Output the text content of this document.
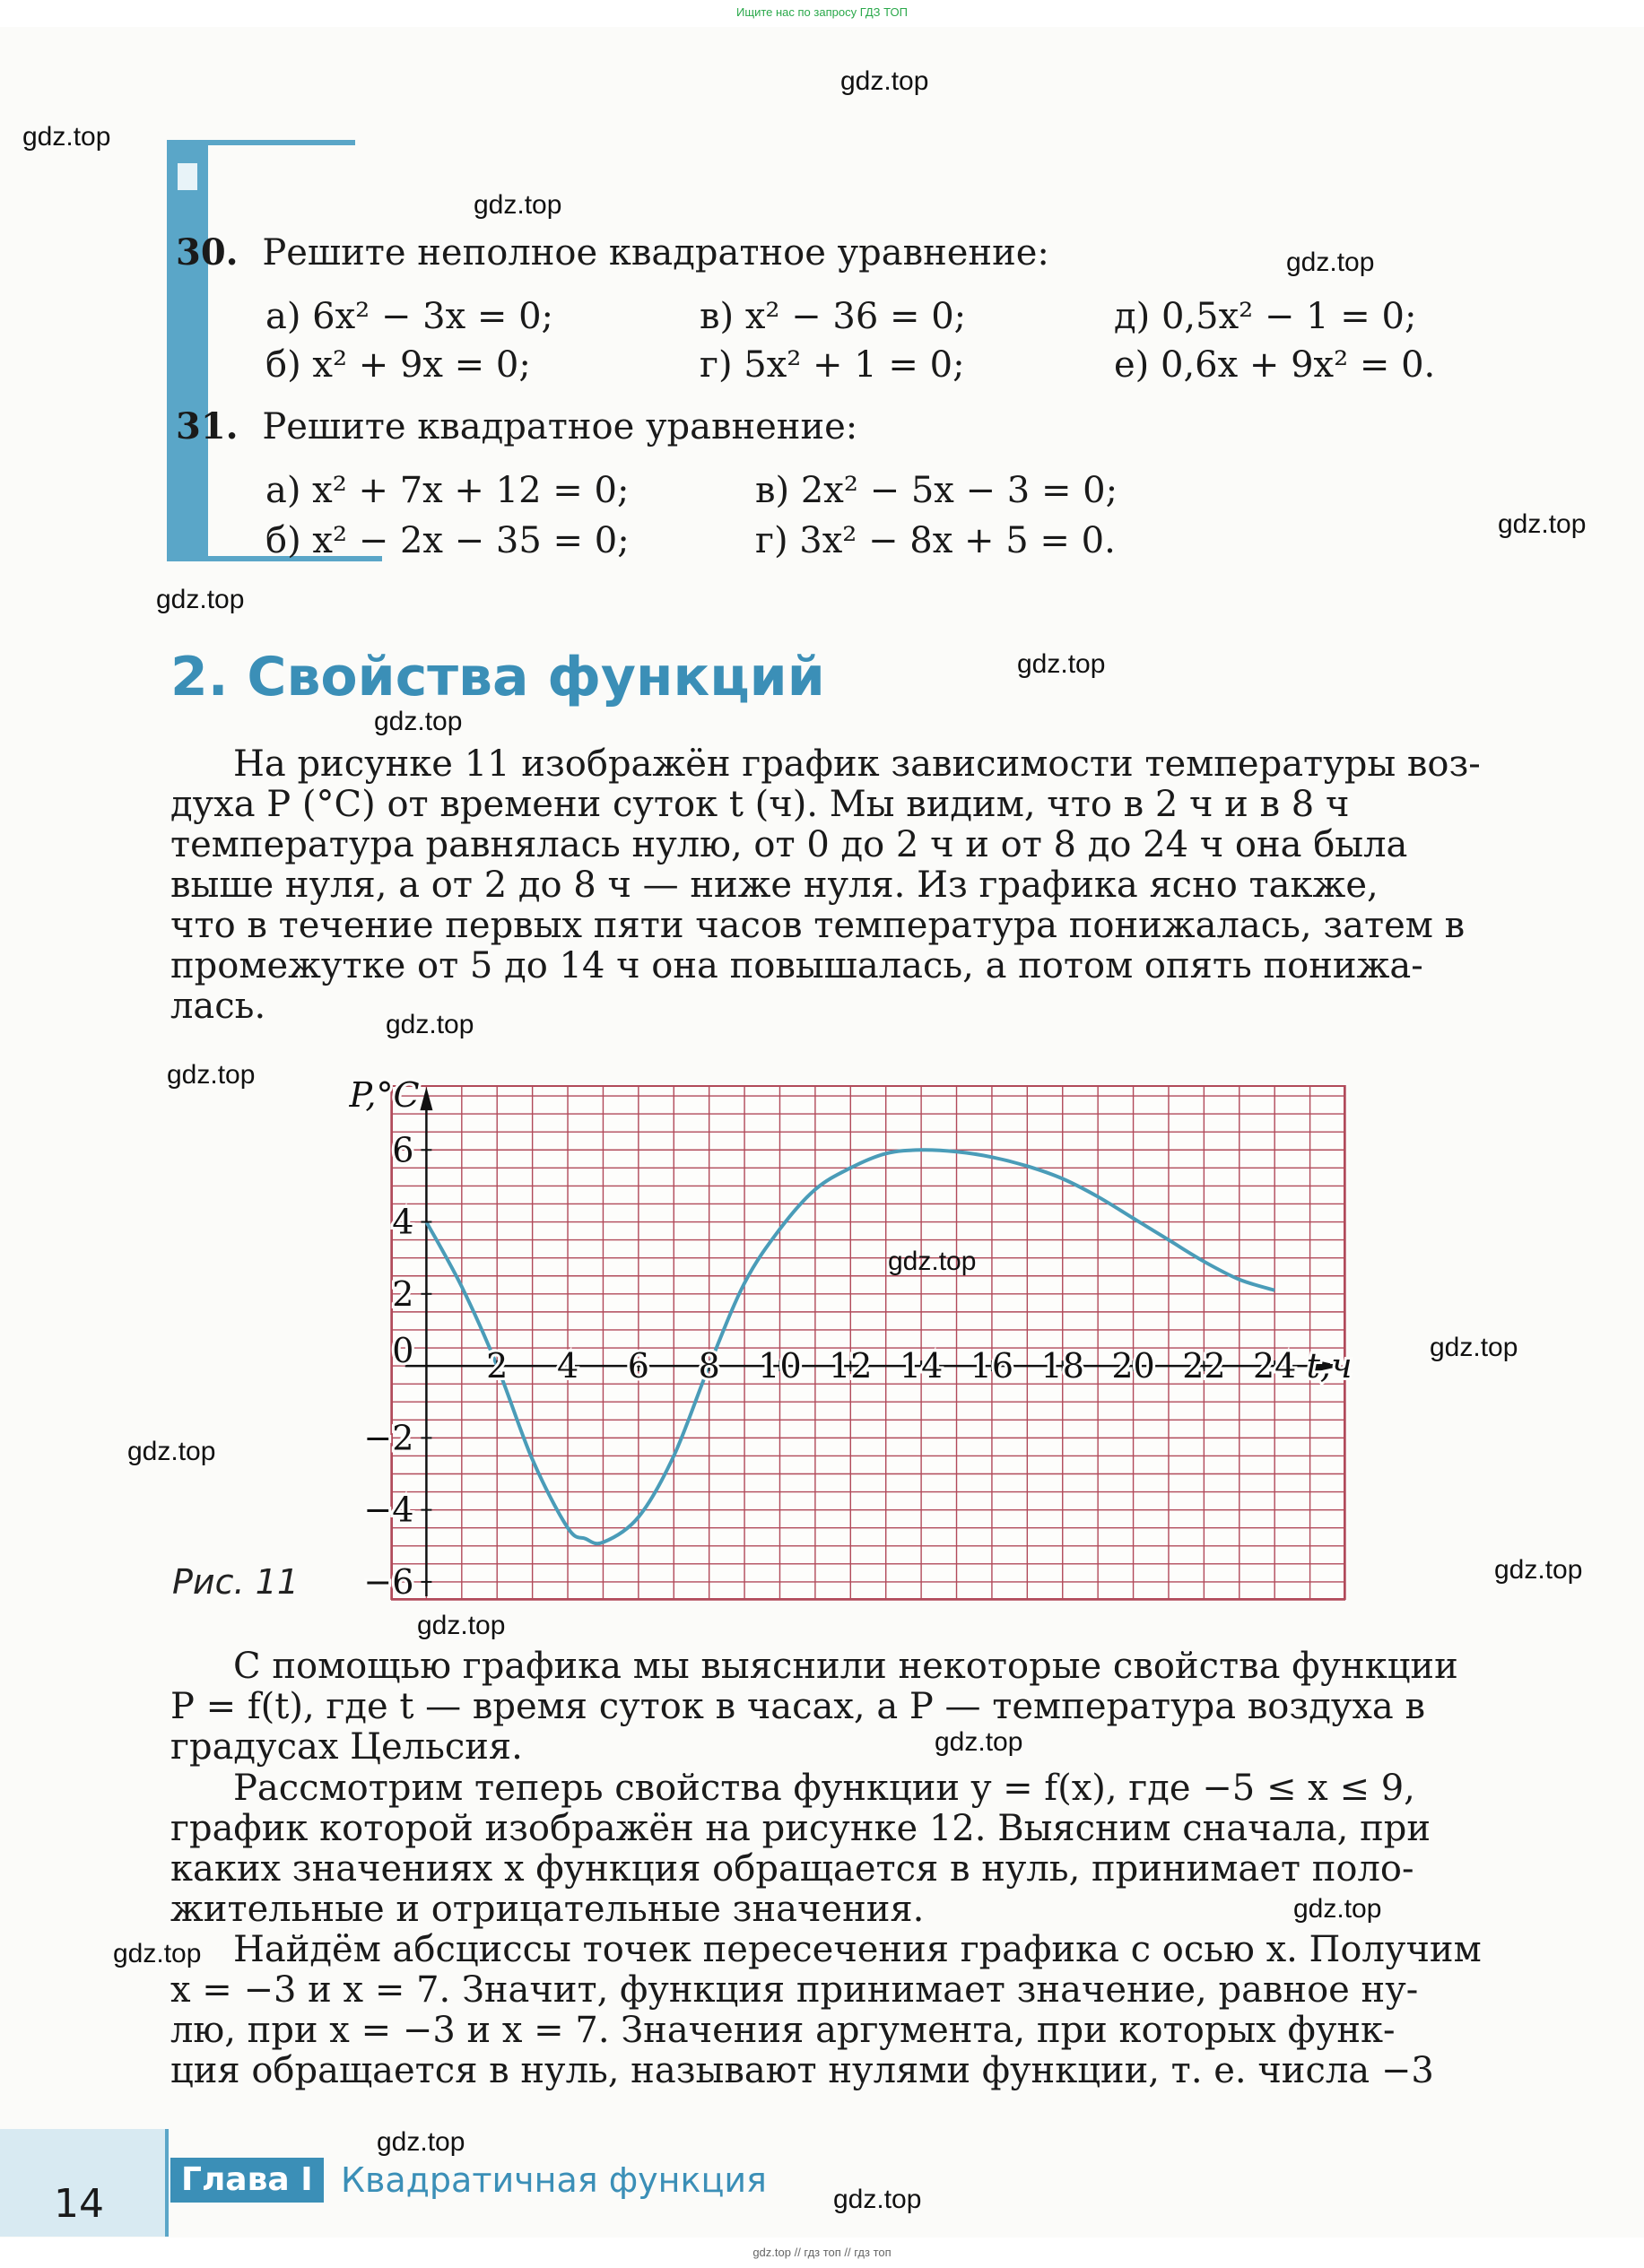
Ищите нас по запросу ГДЗ ТОП
30. Решите неполное квадратное уравнение:
а) 6x² − 3x = 0;	в) x² − 36 = 0;	д) 0,5x² − 1 = 0;
б) x² + 9x = 0;	г) 5x² + 1 = 0;	е) 0,6x + 9x² = 0.
31. Решите квадратное уравнение:
а) x² + 7x + 12 = 0;	в) 2x² − 5x − 3 = 0;
б) x² − 2x − 35 = 0;	г) 3x² − 8x + 5 = 0.
2. Свойства функций
На рисунке 11 изображён график зависимости температуры воз-
духа P (°C) от времени суток t (ч). Мы видим, что в 2 ч и в 8 ч
температура равнялась нулю, от 0 до 2 ч и от 8 до 24 ч она была
выше нуля, а от 2 до 8 ч — ниже нуля. Из графика ясно также,
что в течение первых пяти часов температура понижалась, затем в
промежутке от 5 до 14 ч она повышалась, а потом опять понижа-
лась.
2 4 6 8 10 12 14 16 18 20 22 24
2
4
6
−2
−4
−6
0	t,ч
P,°C
Рис. 11
С помощью графика мы выяснили некоторые свойства функции
P = f(t), где t — время суток в часах, а P — температура воздуха в
градусах Цельсия.
Рассмотрим теперь свойства функции y = f(x), где −5 ≤ x ≤ 9,
график которой изображён на рисунке 12. Выясним сначала, при
каких значениях x функция обращается в нуль, принимает поло-
жительные и отрицательные значения.
Найдём абсциссы точек пересечения графика с осью x. Получим
x = −3 и x = 7. Значит, функция принимает значение, равное ну-
лю, при x = −3 и x = 7. Значения аргумента, при которых функ-
ция обращается в нуль, называют нулями функции, т. е. числа −3
14
Глава I Квадратичная функция
gdz.top
gdz.top
gdz.top
gdz.top
gdz.top
gdz.top
gdz.top
gdz.top
gdz.top
gdz.top
gdz.top
gdz.top
gdz.top
gdz.top
gdz.top
gdz.top
gdz.top
gdz.top
gdz.top
gdz.top
gdz.top // гдз топ // гдз топ
